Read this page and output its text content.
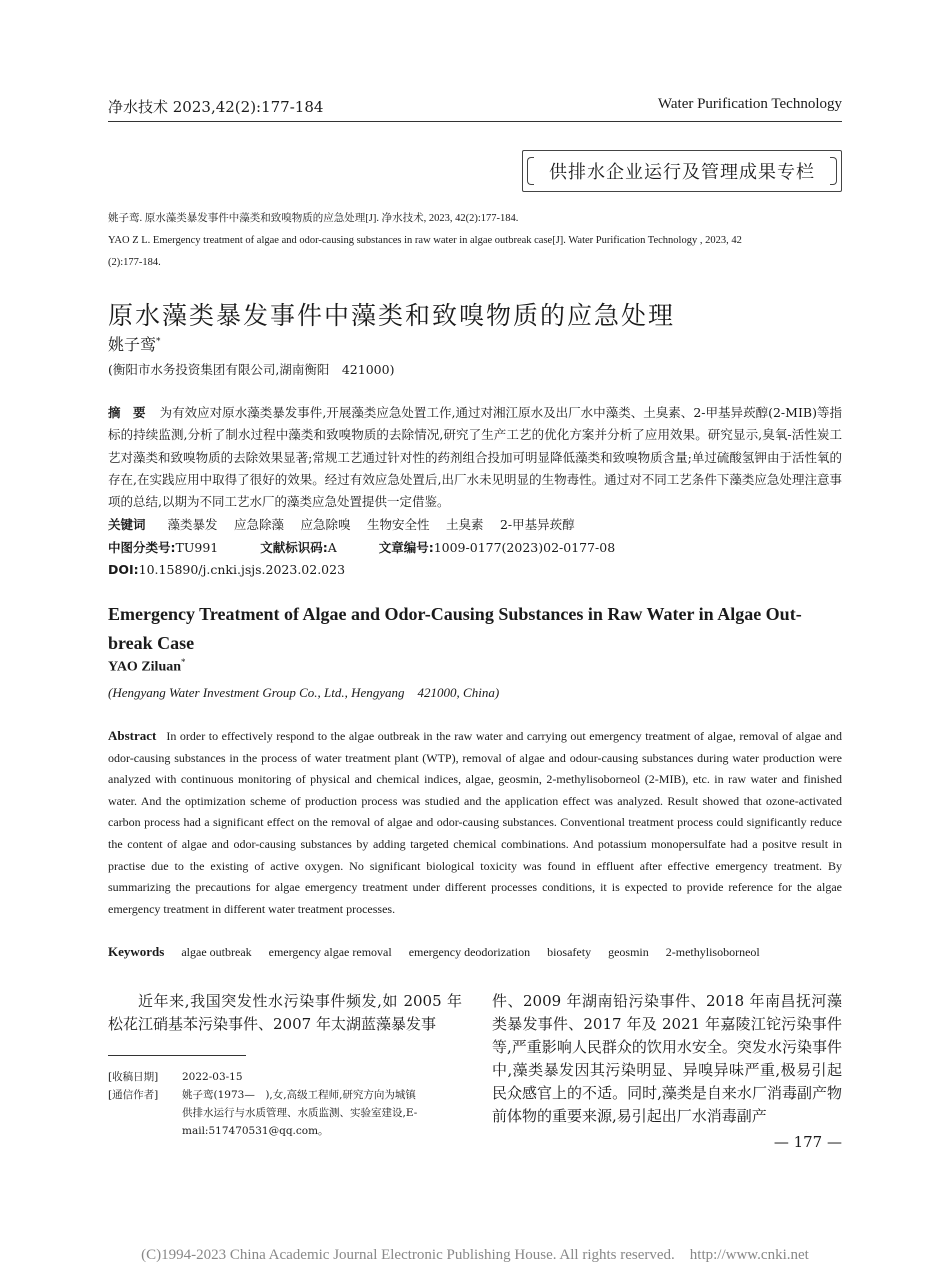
净水技术 2023,42(2):177-184	Water Purification Technology
供排水企业运行及管理成果专栏
姚子鸾. 原水藻类暴发事件中藻类和致嗅物质的应急处理[J]. 净水技术, 2023, 42(2):177-184.
YAO Z L. Emergency treatment of algae and odor-causing substances in raw water in algae outbreak case[J]. Water Purification Technology , 2023, 42
(2):177-184.
原水藻类暴发事件中藻类和致嗅物质的应急处理
姚子鸾*
(衡阳市水务投资集团有限公司,湖南衡阳　421000)
摘　要 为有效应对原水藻类暴发事件,开展藻类应急处置工作,通过对湘江原水及出厂水中藻类、土臭素、2-甲基异莰醇(2-MIB)等指标的持续监测,分析了制水过程中藻类和致嗅物质的去除情况,研究了生产工艺的优化方案并分析了应用效果。研究显示,臭氧-活性炭工艺对藻类和致嗅物质的去除效果显著;常规工艺通过针对性的药剂组合投加可明显降低藻类和致嗅物质含量;单过硫酸氢钾由于活性氧的存在,在实践应用中取得了很好的效果。经过有效应急处置后,出厂水未见明显的生物毒性。通过对不同工艺条件下藻类应急处理注意事项的总结,以期为不同工艺水厂的藻类应急处置提供一定借鉴。
关键词 藻类暴发　 应急除藻　 应急除嗅　 生物安全性　 土臭素　 2-甲基异莰醇
中图分类号:TU991	文献标识码:A	文章编号:1009-0177(2023)02-0177-08
DOI:10.15890/j.cnki.jsjs.2023.02.023
Emergency Treatment of Algae and Odor-Causing Substances in Raw Water in Algae Out-break Case
YAO Ziluan*
(Hengyang Water Investment Group Co., Ltd., Hengyang　421000, China)
Abstract In order to effectively respond to the algae outbreak in the raw water and carrying out emergency treatment of algae, removal of algae and odor-causing substances in the process of water treatment plant (WTP), removal of algae and odour-causing substances during water production were analyzed with continuous monitoring of physical and chemical indices, algae, geosmin, 2-methylisoborneol (2-MIB), etc. in raw water and finished water. And the optimization scheme of production process was studied and the application effect was analyzed. Result showed that ozone-activated carbon process had a significant effect on the removal of algae and odor-causing substances. Conventional treatment process could significantly reduce the content of algae and odor-causing substances by adding targeted chemical combinations. And potassium monopersulfate had a positve result in practise due to the existing of active oxygen. No significant biological toxicity was found in effluent after effective emergency treatment. By summarizing the precautions for algae emergency treatment under different processes conditions, it is expected to provide reference for the algae emergency treatment in different water treatment processes.
Keywords algae outbreak emergency algae removal emergency deodorization biosafety geosmin 2-methylisoborneol
近年来,我国突发性水污染事件频发,如 2005 年松花江硝基苯污染事件、2007 年太湖蓝藻暴发事
件、2009 年湖南铅污染事件、2018 年南昌抚河藻类暴发事件、2017 年及 2021 年嘉陵江铊污染事件等,严重影响人民群众的饮用水安全。突发水污染事件中,藻类暴发因其污染明显、异嗅异味严重,极易引起民众感官上的不适。同时,藻类是自来水厂消毒副产物前体物的重要来源,易引起出厂水消毒副产
[收稿日期] 2022-03-15
[通信作者] 姚子鸾(1973—　),女,高级工程师,研究方向为城镇
供排水运行与水质管理、水质监测、实验室建设,E-
mail:517470531@qq.com。
— 177 —
(C)1994-2023 China Academic Journal Electronic Publishing House. All rights reserved.　http://www.cnki.net
